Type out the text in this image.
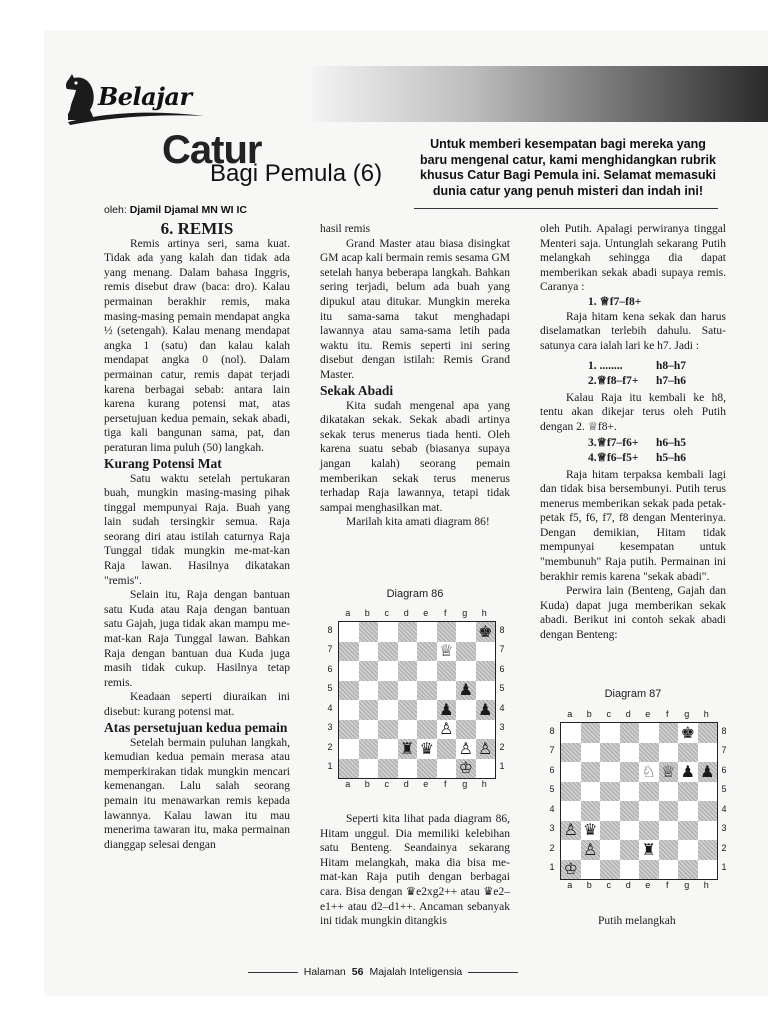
Belajar
Catur
Bagi Pemula (6)
Untuk memberi kesempatan bagi mereka yang baru mengenal catur, kami menghidangkan rubrik khusus Catur Bagi Pemula ini. Selamat memasuki dunia catur yang penuh misteri dan indah ini!
oleh: Djamil Djamal MN WI IC

6. REMIS

Remis artinya seri, sama kuat. Tidak ada yang kalah dan tidak ada yang menang. Dalam bahasa Inggris, remis disebut draw (baca: dro). Kalau permainan berakhir remis, maka masing-masing pemain mendapat angka ½ (setengah). Kalau menang mendapat angka 1 (satu) dan kalau kalah mendapat angka 0 (nol). Dalam permainan catur, remis dapat terjadi karena berbagai sebab: antara lain karena kurang potensi mat, atas persetujuan kedua pemain, sekak abadi, tiga kali bangunan sama, pat, dan peraturan lima puluh (50) langkah.

Kurang Potensi Mat

Satu waktu setelah pertukaran buah, mungkin masing-masing pihak tinggal mempunyai Raja. Buah yang lain sudah tersingkir semua. Raja seorang diri atau istilah caturnya Raja Tunggal tidak mungkin me-mat-kan Raja lawan. Hasilnya dikatakan "remis".

Selain itu, Raja dengan bantuan satu Kuda atau Raja dengan bantuan satu Gajah, juga tidak akan mampu me-mat-kan Raja Tunggal lawan. Bahkan Raja dengan bantuan dua Kuda juga masih tidak cukup. Hasilnya tetap remis.

Keadaan seperti diuraikan ini disebut: kurang potensi mat.

Atas persetujuan kedua pemain

Setelah bermain puluhan langkah, kemudian kedua pemain merasa atau memperkirakan tidak mungkin mencari kemenangan. Lalu salah seorang pemain itu menawarkan remis kepada lawannya. Kalau lawan itu mau menerima tawaran itu, maka permainan dianggap selesai dengan

hasil remis

Grand Master atau biasa disingkat GM acap kali bermain remis sesama GM setelah hanya beberapa langkah. Bahkan sering terjadi, belum ada buah yang dipukul atau ditukar. Mungkin mereka itu sama-sama takut menghadapi lawannya atau sama-sama letih pada waktu itu. Remis seperti ini sering disebut dengan istilah: Remis Grand Master.

Sekak Abadi

Kita sudah mengenal apa yang dikatakan sekak. Sekak abadi artinya sekak terus menerus tiada henti. Oleh karena suatu sebab (biasanya supaya jangan kalah) seorang pemain memberikan sekak terus menerus terhadap Raja lawannya, tetapi tidak sampai menghasilkan mat.

Marilah kita amati diagram 86!

Seperti kita lihat pada diagram 86, Hitam unggul. Dia memiliki kelebihan satu Benteng. Seandainya sekarang Hitam melangkah, maka dia bisa me-mat-kan Raja putih dengan berbagai cara. Bisa dengan ♛e2xg2++ atau ♛e2–e1++ atau d2–d1++. Ancaman sebanyak ini tidak mungkin ditangkis

Diagram 86
♚
♕
♟
♟ ♟
♙
♜ ♛ ♙ ♙
♔
a
a
b
b
c
c
d
d
e
e
f
f
g
g
h
h
8	8
7	7
6	6
5	5
4	4
3	3
2	2
1	1

oleh Putih. Apalagi perwiranya tinggal Menteri saja. Untunglah sekarang Putih melangkah sehingga dia dapat memberikan sekak abadi supaya remis. Caranya :

1. ♕f7–f8+

Raja hitam kena sekak dan harus diselamatkan terlebih dahulu. Satu-satunya cara ialah lari ke h7. Jadi :

1. ........	h8–h7
2.♕f8–f7+	h7–h6

Kalau Raja itu kembali ke h8, tentu akan dikejar terus oleh Putih dengan 2. ♕f8+.

3.♕f7–f6+	h6–h5
4.♕f6–f5+	h5–h6

Raja hitam terpaksa kembali lagi dan tidak bisa bersembunyi. Putih terus menerus memberikan sekak pada petak-petak f5, f6, f7, f8 dengan Menterinya. Dengan demikian, Hitam tidak mempunyai kesempatan untuk "membunuh" Raja putih. Permainan ini berakhir remis karena "sekak abadi".

Perwira lain (Benteng, Gajah dan Kuda) dapat juga memberikan sekak abadi. Berikut ini contoh sekak abadi dengan Benteng:

Diagram 87
♚
♘ ♕ ♟ ♟
♙ ♛
♙	♜
♔
a
a
b
b
c
c
d
d
e
e
f
f
g
g
h
h
8	8
7	7
6	6
5	5
4	4
3	3
2	2
1	1
Putih melangkah
Halaman 56 Majalah Inteligensia
